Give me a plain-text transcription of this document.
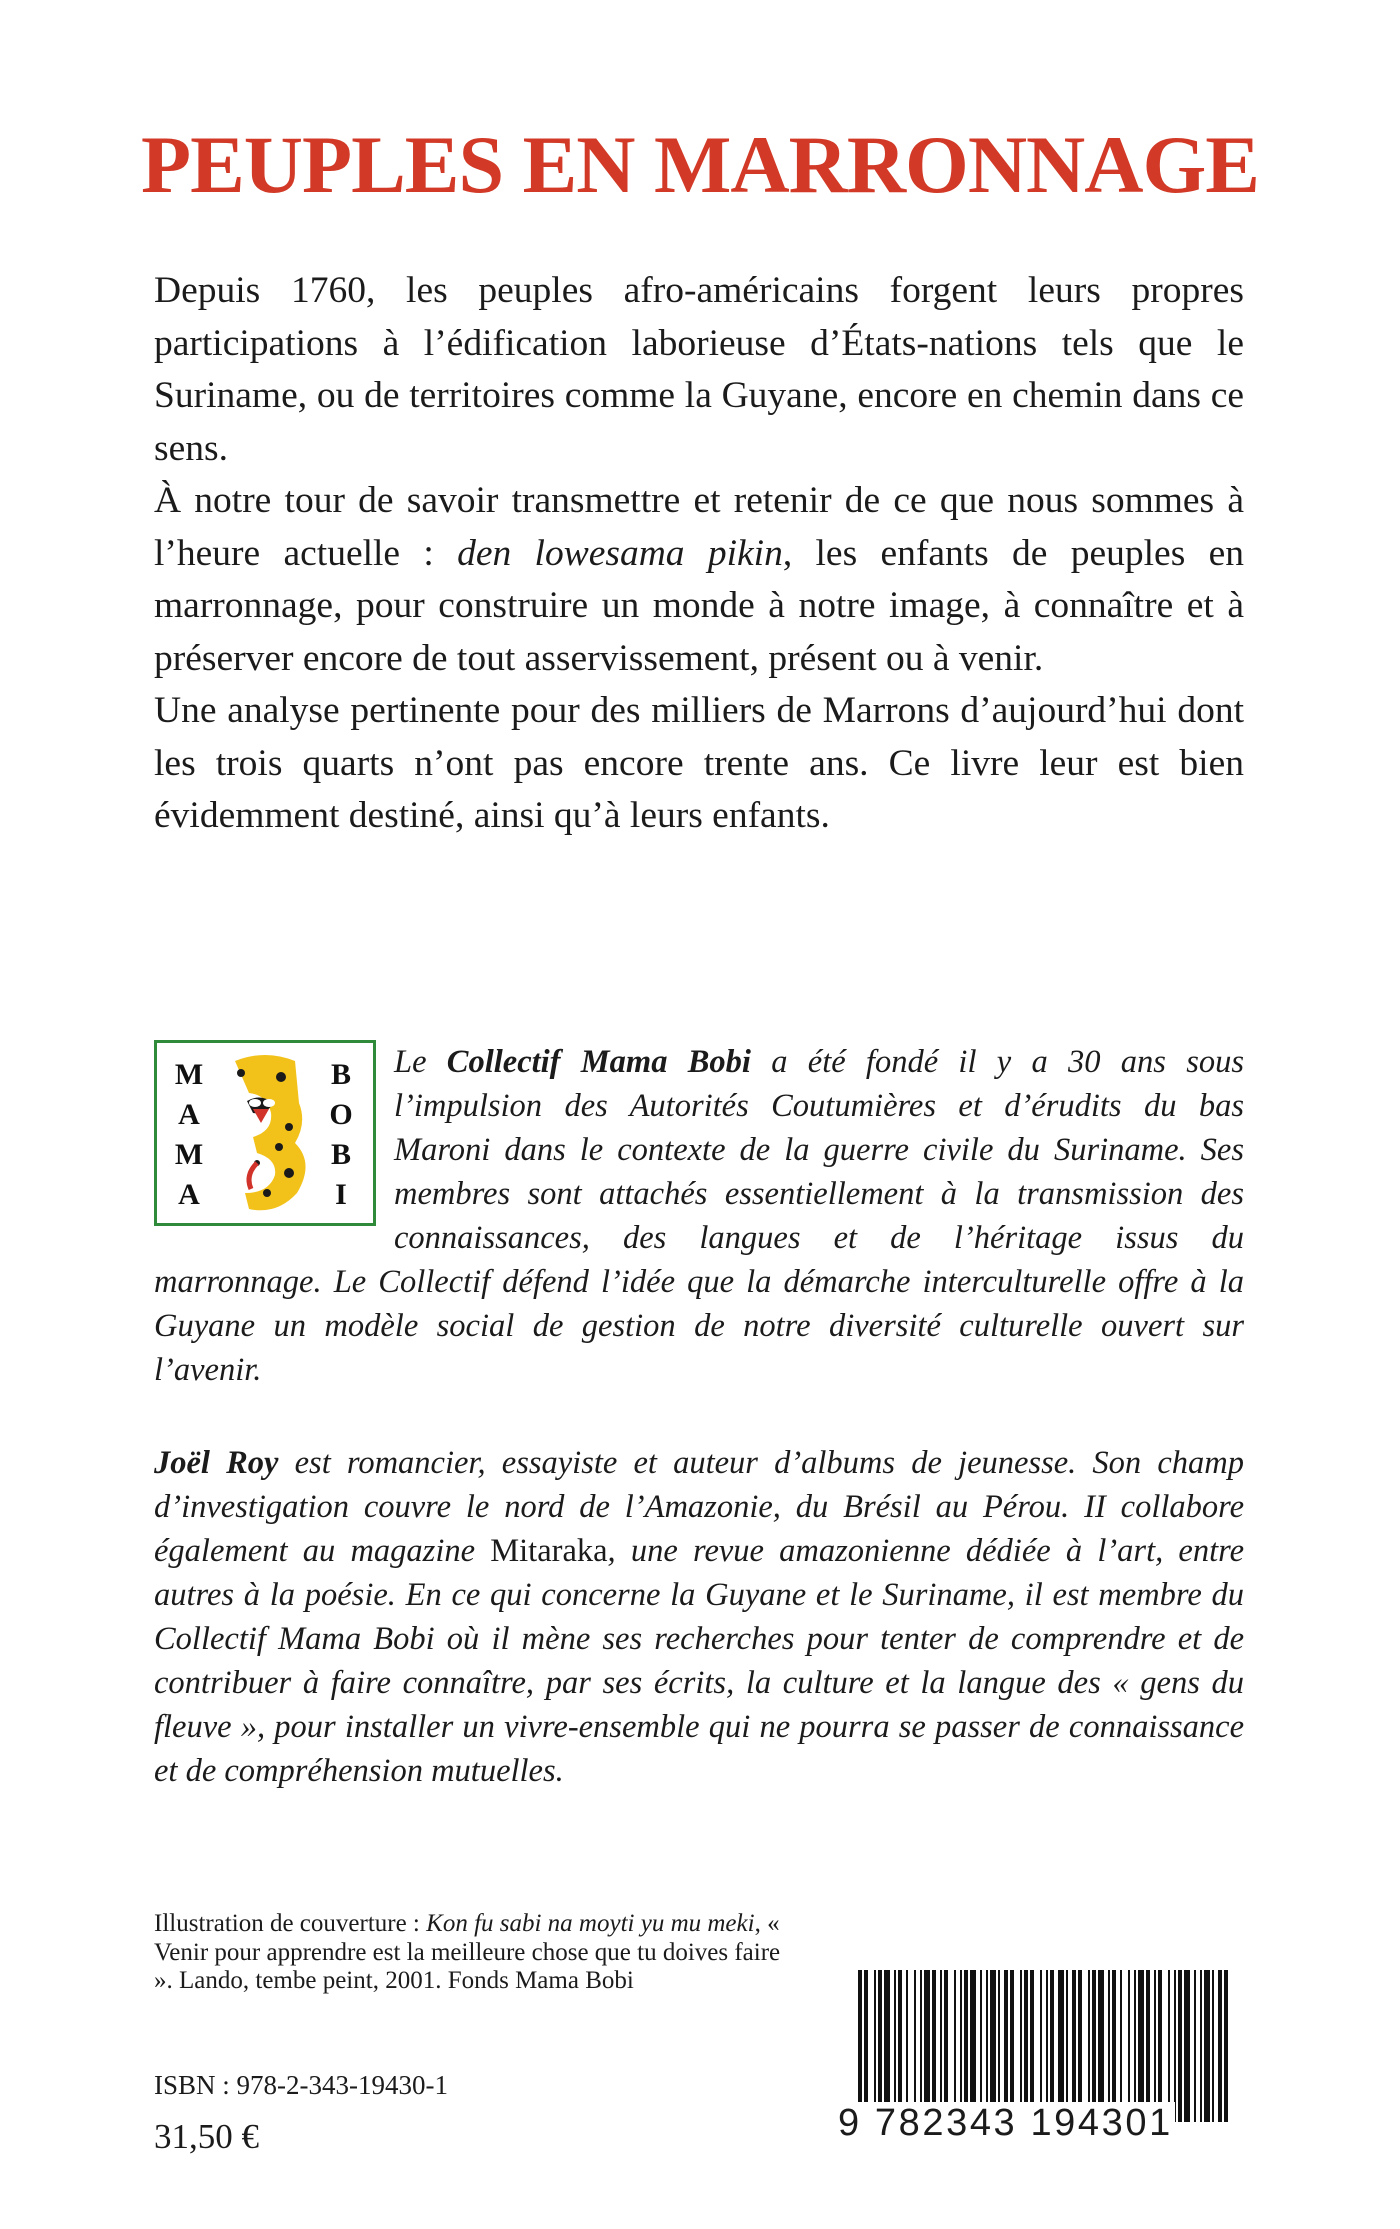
PEUPLES EN MARRONNAGE

Depuis 1760, les peuples afro-américains forgent leurs propres participations à l’édification laborieuse d’États-nations tels que le Suriname, ou de territoires comme la Guyane, encore en chemin dans ce sens.

À notre tour de savoir transmettre et retenir de ce que nous sommes à l’heure actuelle : den lowesama pikin, les enfants de peuples en marronnage, pour construire un monde à notre image, à connaître et à préserver encore de tout asservissement, présent ou à venir.

Une analyse pertinente pour des milliers de Marrons d’aujourd’hui dont les trois quarts n’ont pas encore trente ans. Ce livre leur est bien évidemment destiné, ainsi qu’à leurs enfants.

Le Collectif Mama Bobi a été fondé il y a 30 ans sous l’impulsion des Autorités Coutumières et d’érudits du bas Maroni dans le contexte de la guerre civile du Suriname. Ses membres sont attachés essentiellement à la transmission des connaissances, des langues et de l’héritage issus du marronnage. Le Collectif défend l’idée que la démarche interculturelle offre à la Guyane un modèle social de gestion de notre diversité culturelle ouvert sur l’avenir.
M
A
M
A
B
O
B
I
Joël Roy est romancier, essayiste et auteur d’albums de jeunesse. Son champ d’investigation couvre le nord de l’Amazonie, du Brésil au Pérou. II collabore également au magazine Mitaraka, une revue amazonienne dédiée à l’art, entre autres à la poésie. En ce qui concerne la Guyane et le Suriname, il est membre du Collectif Mama Bobi où il mène ses recherches pour tenter de comprendre et de contribuer à faire connaître, par ses écrits, la culture et la langue des « gens du fleuve », pour installer un vivre-ensemble qui ne pourra se passer de connaissance et de compréhension mutuelles.
Illustration de couverture : Kon fu sabi na moyti yu mu meki, « Venir pour apprendre est la meilleure chose que tu doives faire ». Lando, tembe peint, 2001. Fonds Mama Bobi
ISBN : 978-2-343-19430-1
31,50 €	9 782343 194301
